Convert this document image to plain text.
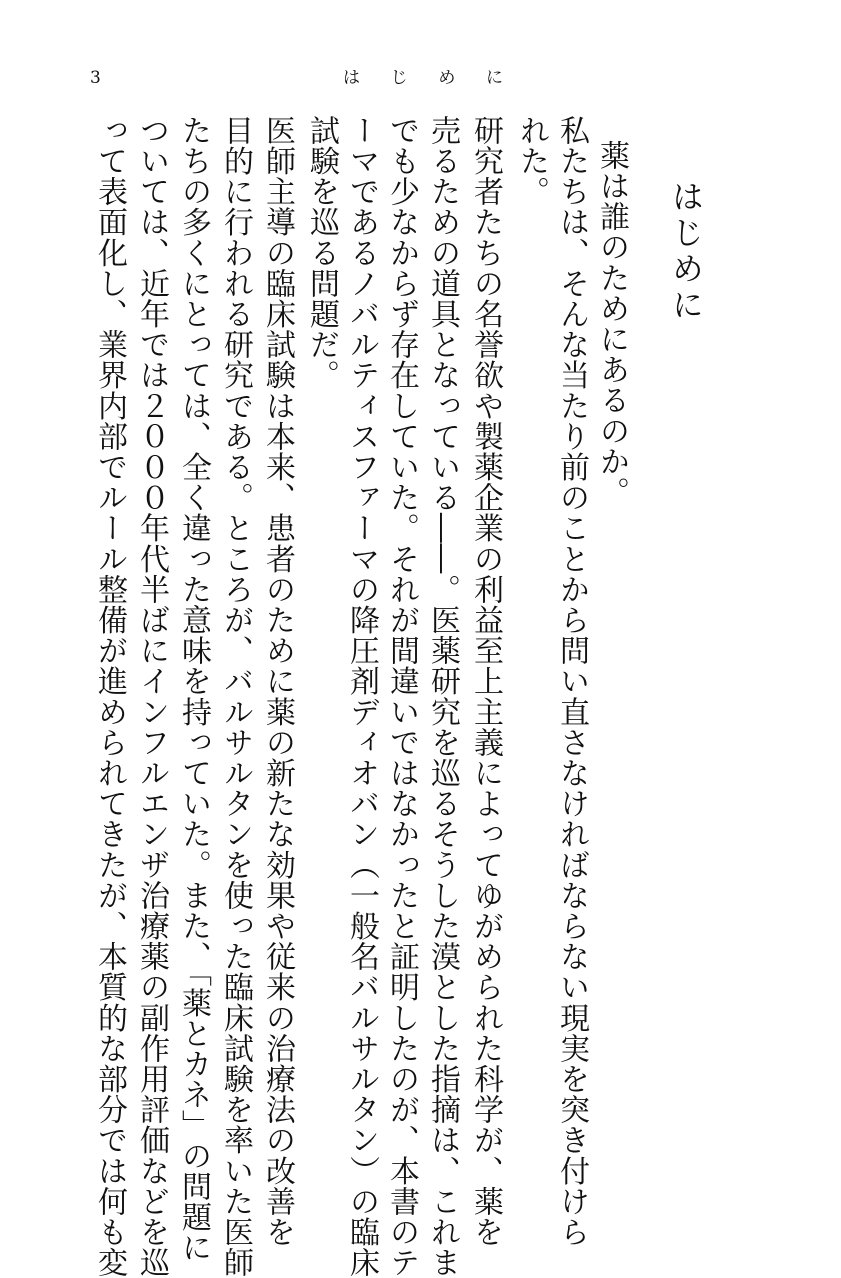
3	は じ め に
はじめに
薬は誰のためにあるのか。
私たちは、そんな当たり前のことから問い直さなければならない現実を突き付けら
れた。
研究者たちの名誉欲や製薬企業の利益至上主義によってゆがめられた科学が、薬を
売るための道具となっている――。医薬研究を巡るそうした漠とした指摘は、これま
でも少なからず存在していた。それが間違いではなかったと証明したのが、本書のテ
ーマであるノバルティスファーマの降圧剤ディオバン（一般名バルサルタン）の臨床
試験を巡る問題だ。
医師主導の臨床試験は本来、患者のために薬の新たな効果や従来の治療法の改善を
目的に行われる研究である。ところが、バルサルタンを使った臨床試験を率いた医師
たちの多くにとっては、全く違った意味を持っていた。また、「薬とカネ」の問題に
ついては、近年では２０００年代半ばにインフルエンザ治療薬の副作用評価などを巡
って表面化し、業界内部でルール整備が進められてきたが、本質的な部分では何も変
